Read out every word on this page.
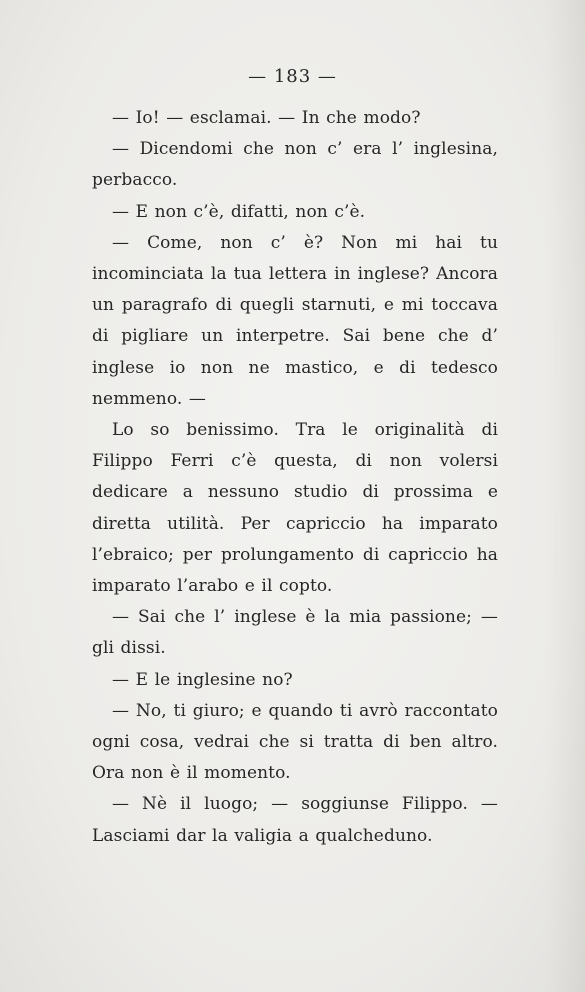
— 183 —

— Io! — esclamai. — In che modo?

— Dicendomi che non c’ era l’ inglesina, perbacco.

— E non c’è, difatti, non c’è.

— Come, non c’ è? Non mi hai tu incominciata la tua lettera in inglese? Ancora un paragrafo di quegli starnuti, e mi toccava di pigliare un interpetre. Sai bene che d’ inglese io non ne mastico, e di tedesco nemmeno. —

Lo so benissimo. Tra le originalità di Filippo Ferri c’è questa, di non volersi dedicare a nessuno studio di prossima e diretta utilità. Per capriccio ha imparato l’ebraico; per prolungamento di capriccio ha imparato l’arabo e il copto.

— Sai che l’ inglese è la mia passione; — gli dissi.

— E le inglesine no?

— No, ti giuro; e quando ti avrò raccontato ogni cosa, vedrai che si tratta di ben altro. Ora non è il momento.

— Nè il luogo; — soggiunse Filippo. — Lasciami dar la valigia a qualcheduno.
